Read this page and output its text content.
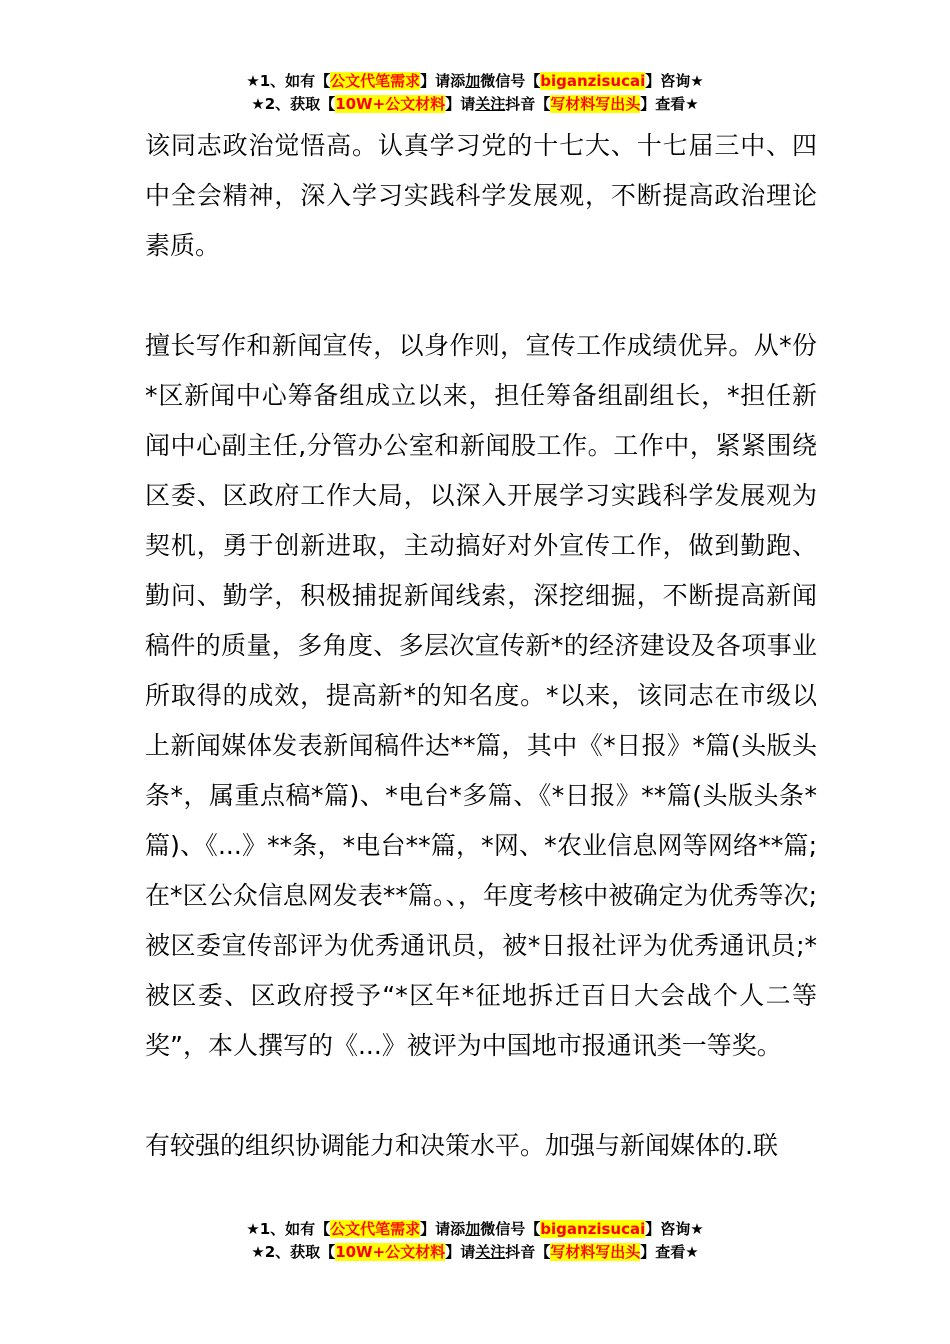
★1、如有【公文代笔需求】请添加微信号【biganzisucai】咨询★
★2、获取【10W+公文材料】请关注抖音【写材料写出头】查看★

该同志政治觉悟高。认真学习党的十七大、十七届三中、四中全会精神，深入学习实践科学发展观，不断提高政治理论素质。

擅长写作和新闻宣传，以身作则，宣传工作成绩优异。从*份*区新闻中心筹备组成立以来，担任筹备组副组长，*担任新闻中心副主任,分管办公室和新闻股工作。工作中，紧紧围绕区委、区政府工作大局，以深入开展学习实践科学发展观为契机，勇于创新进取，主动搞好对外宣传工作，做到勤跑、勤问、勤学，积极捕捉新闻线索，深挖细掘，不断提高新闻稿件的质量，多角度、多层次宣传新*的经济建设及各项事业所取得的成效，提高新*的知名度。*以来，该同志在市级以上新闻媒体发表新闻稿件达**篇，其中《*日报》*篇(头版头条*，属重点稿*篇)、*电台*多篇、《*日报》**篇(头版头条*篇)、《...》**条，*电台**篇，*网、*农业信息网等网络**篇;在*区公众信息网发表**篇。、，年度考核中被确定为优秀等次;被区委宣传部评为优秀通讯员，被*日报社评为优秀通讯员;*被区委、区政府授予“*区年*征地拆迁百日大会战个人二等奖”，本人撰写的《...》被评为中国地市报通讯类一等奖。

有较强的组织协调能力和决策水平。加强与新闻媒体的.联

★1、如有【公文代笔需求】请添加微信号【biganzisucai】咨询★
★2、获取【10W+公文材料】请关注抖音【写材料写出头】查看★
